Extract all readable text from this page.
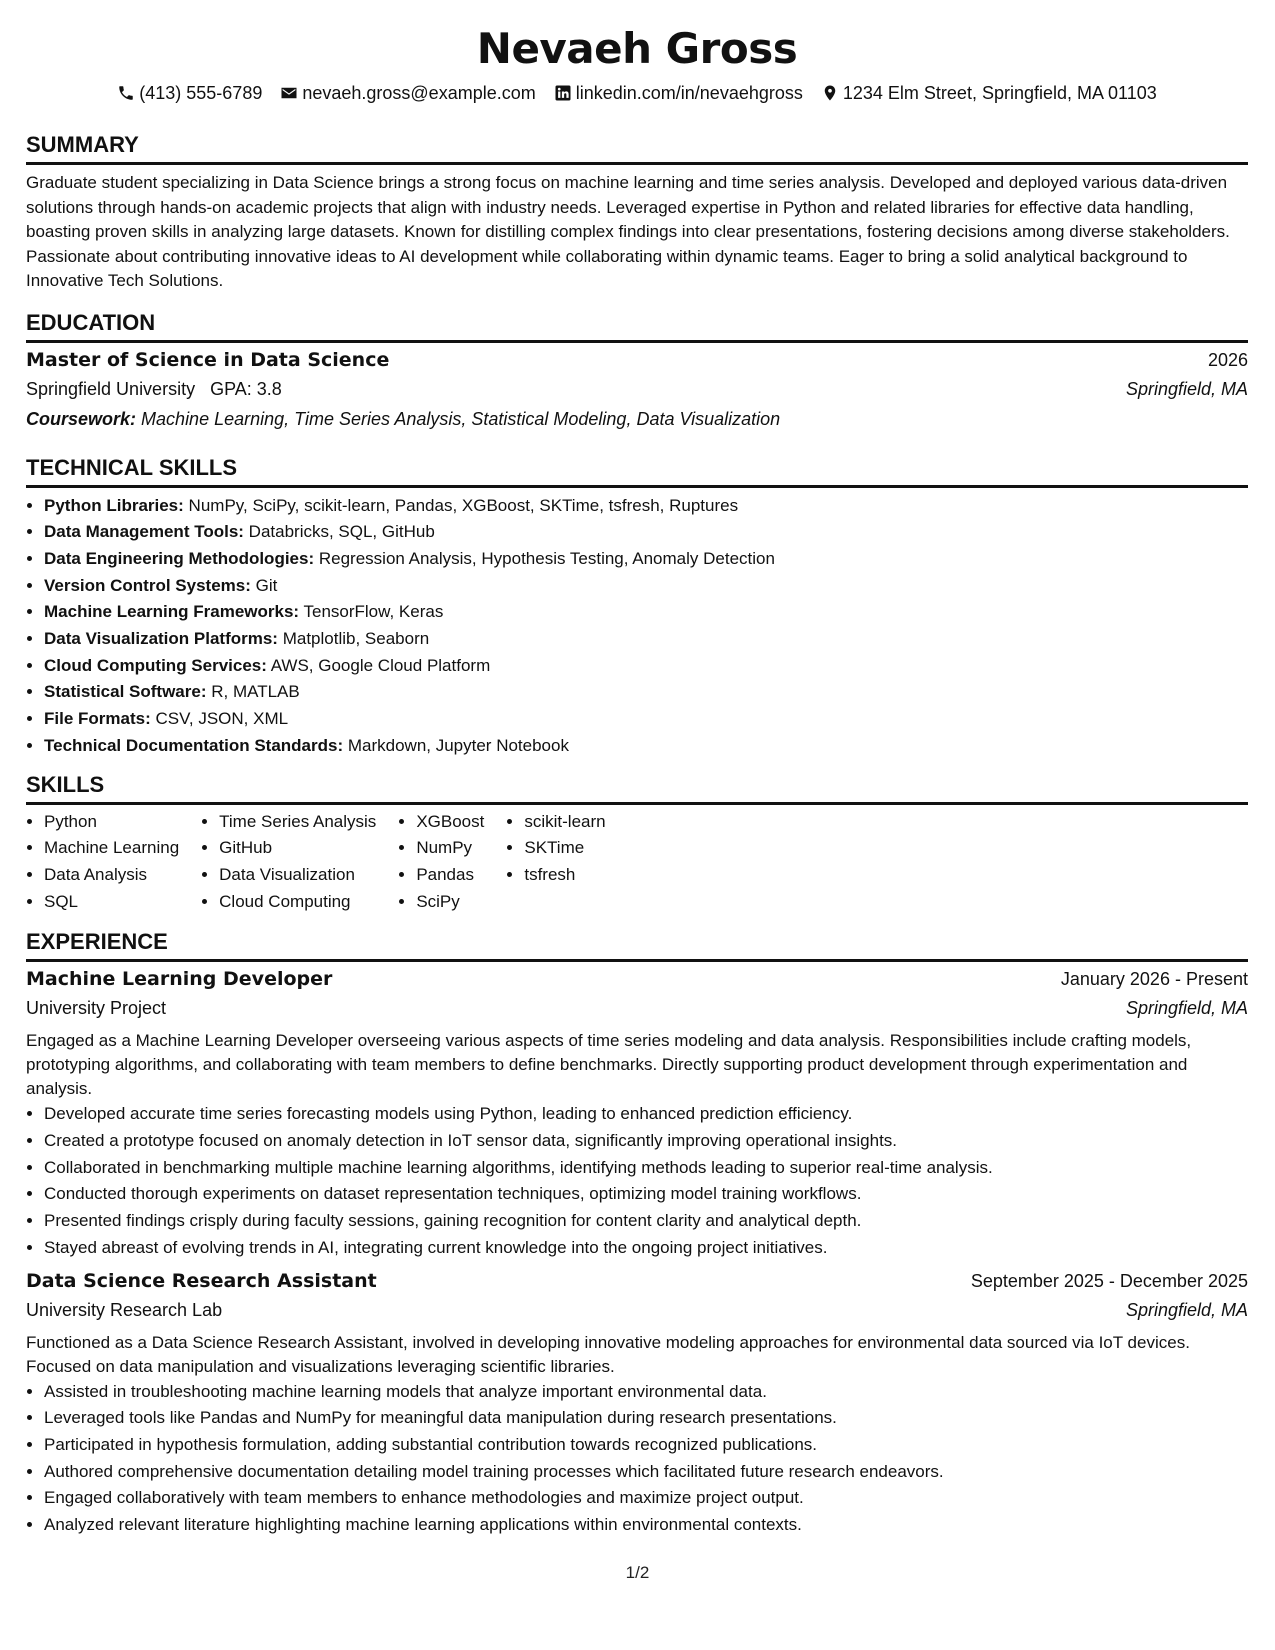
Nevaeh Gross
(413) 555-6789 nevaeh.gross@example.com linkedin.com/in/nevaehgross 1234 Elm Street, Springfield, MA 01103
SUMMARY

Graduate student specializing in Data Science brings a strong focus on machine learning and time series analysis. Developed and deployed various data-driven solutions through hands-on academic projects that align with industry needs. Leveraged expertise in Python and related libraries for effective data handling, boasting proven skills in analyzing large datasets. Known for distilling complex findings into clear presentations, fostering decisions among diverse stakeholders. Passionate about contributing innovative ideas to AI development while collaborating within dynamic teams. Eager to bring a solid analytical background to Innovative Tech Solutions.

EDUCATION
Master of Science in Data Science	2026
Springfield University GPA: 3.8	Springfield, MA
Coursework: Machine Learning, Time Series Analysis, Statistical Modeling, Data Visualization
TECHNICAL SKILLS
• Python Libraries: NumPy, SciPy, scikit-learn, Pandas, XGBoost, SKTime, tsfresh, Ruptures
• Data Management Tools: Databricks, SQL, GitHub
• Data Engineering Methodologies: Regression Analysis, Hypothesis Testing, Anomaly Detection
• Version Control Systems: Git
• Machine Learning Frameworks: TensorFlow, Keras
• Data Visualization Platforms: Matplotlib, Seaborn
• Cloud Computing Services: AWS, Google Cloud Platform
• Statistical Software: R, MATLAB
• File Formats: CSV, JSON, XML
• Technical Documentation Standards: Markdown, Jupyter Notebook
SKILLS
• Python
• Machine Learning
• Data Analysis
• SQL
• Time Series Analysis
• GitHub
• Data Visualization
• Cloud Computing
• XGBoost
• NumPy
• Pandas
• SciPy
• scikit-learn
• SKTime
• tsfresh
EXPERIENCE
Machine Learning Developer	January 2026 - Present
University Project	Springfield, MA

Engaged as a Machine Learning Developer overseeing various aspects of time series modeling and data analysis. Responsibilities include crafting models, prototyping algorithms, and collaborating with team members to define benchmarks. Directly supporting product development through experimentation and analysis.

• Developed accurate time series forecasting models using Python, leading to enhanced prediction efficiency.
• Created a prototype focused on anomaly detection in IoT sensor data, significantly improving operational insights.
• Collaborated in benchmarking multiple machine learning algorithms, identifying methods leading to superior real-time analysis.
• Conducted thorough experiments on dataset representation techniques, optimizing model training workflows.
• Presented findings crisply during faculty sessions, gaining recognition for content clarity and analytical depth.
• Stayed abreast of evolving trends in AI, integrating current knowledge into the ongoing project initiatives.
Data Science Research Assistant	September 2025 - December 2025
University Research Lab	Springfield, MA

Functioned as a Data Science Research Assistant, involved in developing innovative modeling approaches for environmental data sourced via IoT devices. Focused on data manipulation and visualizations leveraging scientific libraries.

• Assisted in troubleshooting machine learning models that analyze important environmental data.
• Leveraged tools like Pandas and NumPy for meaningful data manipulation during research presentations.
• Participated in hypothesis formulation, adding substantial contribution towards recognized publications.
• Authored comprehensive documentation detailing model training processes which facilitated future research endeavors.
• Engaged collaboratively with team members to enhance methodologies and maximize project output.
• Analyzed relevant literature highlighting machine learning applications within environmental contexts.
1/2
